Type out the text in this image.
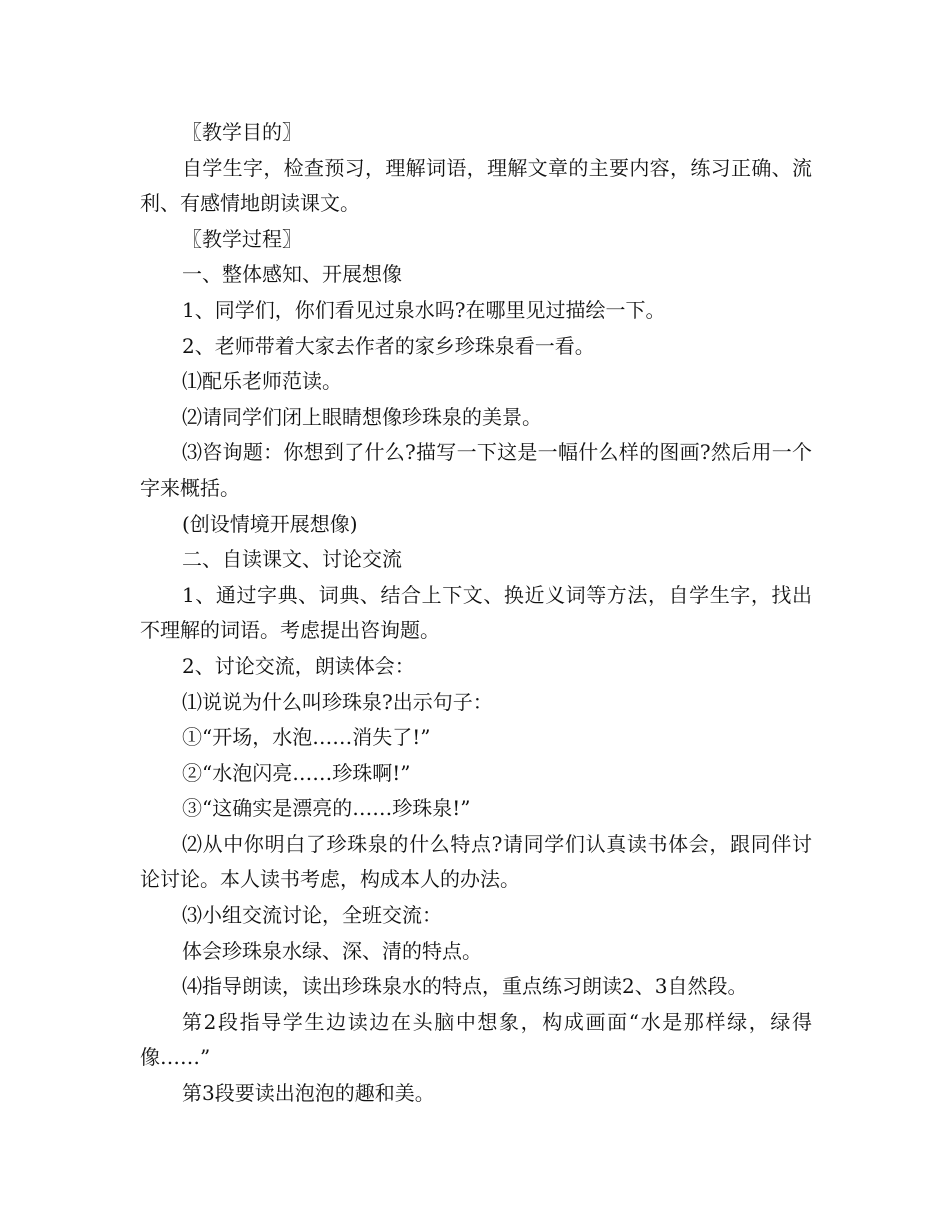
〖教学目的〗

自学生字，检查预习，理解词语，理解文章的主要内容，练习正确、流利、有感情地朗读课文。

〖教学过程〗

一、整体感知、开展想像

1、同学们，你们看见过泉水吗?在哪里见过描绘一下。

2、老师带着大家去作者的家乡珍珠泉看一看。

⑴配乐老师范读。

⑵请同学们闭上眼睛想像珍珠泉的美景。

⑶咨询题：你想到了什么?描写一下这是一幅什么样的图画?然后用一个字来概括。

(创设情境开展想像)

二、自读课文、讨论交流

1、通过字典、词典、结合上下文、换近义词等方法，自学生字，找出不理解的词语。考虑提出咨询题。

2、讨论交流，朗读体会：

⑴说说为什么叫珍珠泉?出示句子：

①“开场，水泡……消失了!”

②“水泡闪亮……珍珠啊!”

③“这确实是漂亮的……珍珠泉!”

⑵从中你明白了珍珠泉的什么特点?请同学们认真读书体会，跟同伴讨论讨论。本人读书考虑，构成本人的办法。

⑶小组交流讨论，全班交流：

体会珍珠泉水绿、深、清的特点。

⑷指导朗读，读出珍珠泉水的特点，重点练习朗读2、3自然段。

第2段指导学生边读边在头脑中想象，构成画面“水是那样绿，绿得像……”

第3段要读出泡泡的趣和美。
